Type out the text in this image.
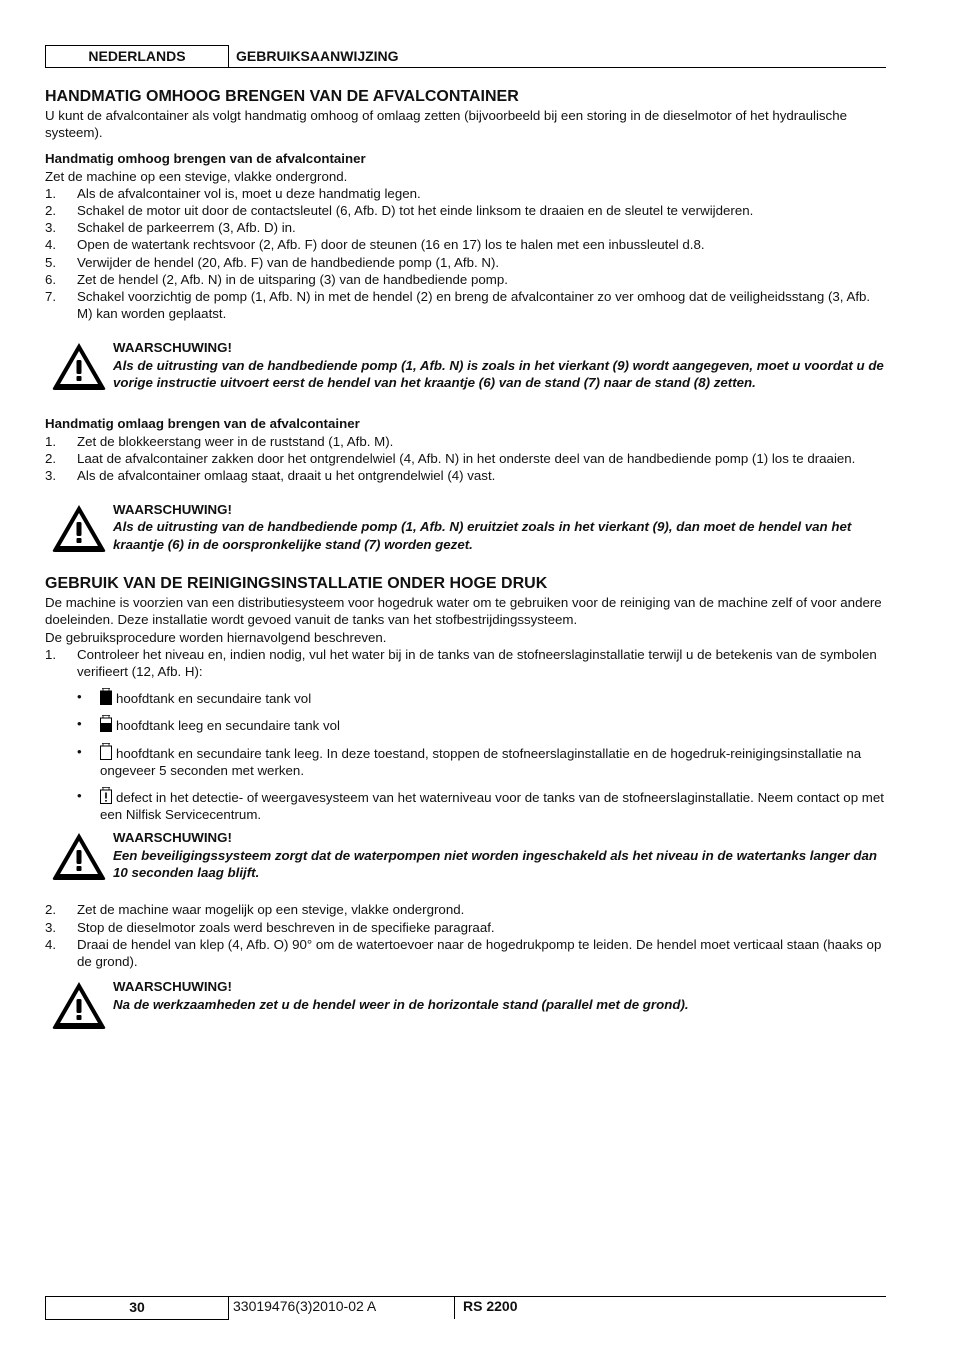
NEDERLANDS	GEBRUIKSAANWIJZING
HANDMATIG OMHOOG BRENGEN VAN DE AFVALCONTAINER

U kunt de afvalcontainer als volgt handmatig omhoog of omlaag zetten (bijvoorbeeld bij een storing in de dieselmotor of het hydraulische systeem).

Handmatig omhoog brengen van de afvalcontainer

Zet de machine op een stevige, vlakke ondergrond.

1. Als de afvalcontainer vol is, moet u deze handmatig legen.
2. Schakel de motor uit door de contactsleutel (6, Afb. D) tot het einde linksom te draaien en de sleutel te verwijderen.
3. Schakel de parkeerrem (3, Afb. D) in.
4. Open de watertank rechtsvoor (2, Afb. F) door de steunen (16 en 17) los te halen met een inbussleutel d.8.
5. Verwijder de hendel (20, Afb. F) van de handbediende pomp (1, Afb. N).
6. Zet de hendel (2, Afb. N) in de uitsparing (3) van de handbediende pomp.
7. Schakel voorzichtig de pomp (1, Afb. N) in met de hendel (2) en breng de afvalcontainer zo ver omhoog dat de veiligheidsstang (3, Afb. M) kan worden geplaatst.
WAARSCHUWING!
Als de uitrusting van de handbediende pomp (1, Afb. N) is zoals in het vierkant (9) wordt aangegeven, moet u voordat u de vorige instructie uitvoert eerst de hendel van het kraantje (6) van de stand (7) naar de stand (8) zetten.
Handmatig omlaag brengen van de afvalcontainer
1. Zet de blokkeerstang weer in de ruststand (1, Afb. M).
2. Laat de afvalcontainer zakken door het ontgrendelwiel (4, Afb. N) in het onderste deel van de handbediende pomp (1) los te draaien.
3. Als de afvalcontainer omlaag staat, draait u het ontgrendelwiel (4) vast.
WAARSCHUWING!
Als de uitrusting van de handbediende pomp (1, Afb. N) eruitziet zoals in het vierkant (9), dan moet de hendel van het kraantje (6) in de oorspronkelijke stand (7) worden gezet.
GEBRUIK VAN DE REINIGINGSINSTALLATIE ONDER HOGE DRUK

De machine is voorzien van een distributiesysteem voor hogedruk water om te gebruiken voor de reiniging van de machine zelf of voor andere doeleinden. Deze installatie wordt gevoed vanuit de tanks van het stofbestrijdingssysteem.

De gebruiksprocedure worden hiernavolgend beschreven.

1. Controleer het niveau en, indien nodig, vul het water bij in de tanks van de stofneerslaginstallatie terwijl u de betekenis van de symbolen verifieert (12, Afb. H):
•	hoofdtank en secundaire tank vol
•	hoofdtank leeg en secundaire tank vol
•	hoofdtank en secundaire tank leeg. In deze toestand, stoppen de stofneerslaginstallatie en de hogedruk-reinigingsinstallatie na ongeveer 5 seconden met werken.
•	defect in het detectie- of weergavesysteem van het waterniveau voor de tanks van de stofneerslaginstallatie. Neem contact op met een Nilfisk Servicecentrum.
WAARSCHUWING!
Een beveiligingssysteem zorgt dat de waterpompen niet worden ingeschakeld als het niveau in de watertanks langer dan 10 seconden laag blijft.
2. Zet de machine waar mogelijk op een stevige, vlakke ondergrond.
3. Stop de dieselmotor zoals werd beschreven in de specifieke paragraaf.
4. Draai de hendel van klep (4, Afb. O) 90° om de watertoevoer naar de hogedrukpomp te leiden. De hendel moet verticaal staan (haaks op de grond).
WAARSCHUWING!
Na de werkzaamheden zet u de hendel weer in de horizontale stand (parallel met de grond).
30	33019476(3)2010-02 A	RS 2200
